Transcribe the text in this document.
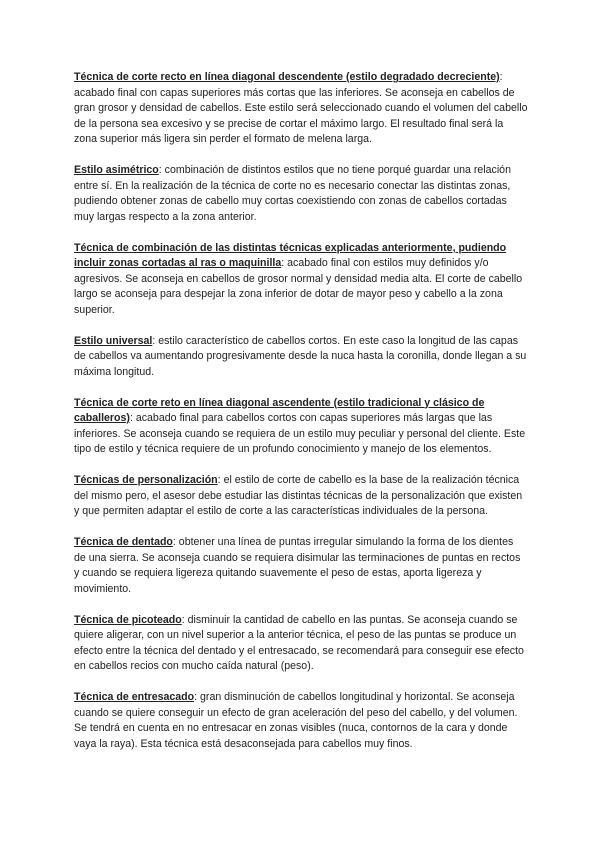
Técnica de corte recto en línea diagonal descendente (estilo degradado decreciente): acabado final con capas superiores más cortas que las inferiores. Se aconseja en cabellos de gran grosor y densidad de cabellos. Este estilo será seleccionado cuando el volumen del cabello de la persona sea excesivo y se precise de cortar el máximo largo. El resultado final será la zona superior más ligera sin perder el formato de melena larga.

Estilo asimétrico: combinación de distintos estilos que no tiene porqué guardar una relación entre sí. En la realización de la técnica de corte no es necesario conectar las distintas zonas, pudiendo obtener zonas de cabello muy cortas coexistiendo con zonas de cabellos cortadas muy largas respecto a la zona anterior.

Técnica de combinación de las distintas técnicas explicadas anteriormente, pudiendo incluir zonas cortadas al ras o maquinilla: acabado final con estilos muy definidos y/o agresivos. Se aconseja en cabellos de grosor normal y densidad media alta. El corte de cabello largo se aconseja para despejar la zona inferior de dotar de mayor peso y cabello a la zona superior.

Estilo universal: estilo característico de cabellos cortos. En este caso la longitud de las capas de cabellos va aumentando progresivamente desde la nuca hasta la coronilla, donde llegan a su máxima longitud.

Técnica de corte reto en línea diagonal ascendente (estilo tradicional y clásico de caballeros): acabado final para cabellos cortos con capas superiores más largas que las inferiores. Se aconseja cuando se requiera de un estilo muy peculiar y personal del cliente. Este tipo de estilo y técnica requiere de un profundo conocimiento y manejo de los elementos.

Técnicas de personalización: el estilo de corte de cabello es la base de la realización técnica del mismo pero, el asesor debe estudiar las distintas técnicas de la personalización que existen y que permiten adaptar el estilo de corte a las características individuales de la persona.

Técnica de dentado: obtener una línea de puntas irregular simulando la forma de los dientes de una sierra. Se aconseja cuando se requiera disimular las terminaciones de puntas en rectos y cuando se requiera ligereza quitando suavemente el peso de estas, aporta ligereza y movimiento.

Técnica de picoteado: disminuir la cantidad de cabello en las puntas. Se aconseja cuando se quiere aligerar, con un nivel superior a la anterior técnica, el peso de las puntas se produce un efecto entre la técnica del dentado y el entresacado, se recomendará para conseguir ese efecto en cabellos recios con mucho caída natural (peso).

Técnica de entresacado: gran disminución de cabellos longitudinal y horizontal. Se aconseja cuando se quiere conseguir un efecto de gran aceleración del peso del cabello, y del volumen. Se tendrá en cuenta en no entresacar en zonas visibles (nuca, contornos de la cara y donde vaya la raya). Esta técnica está desaconsejada para cabellos muy finos.
